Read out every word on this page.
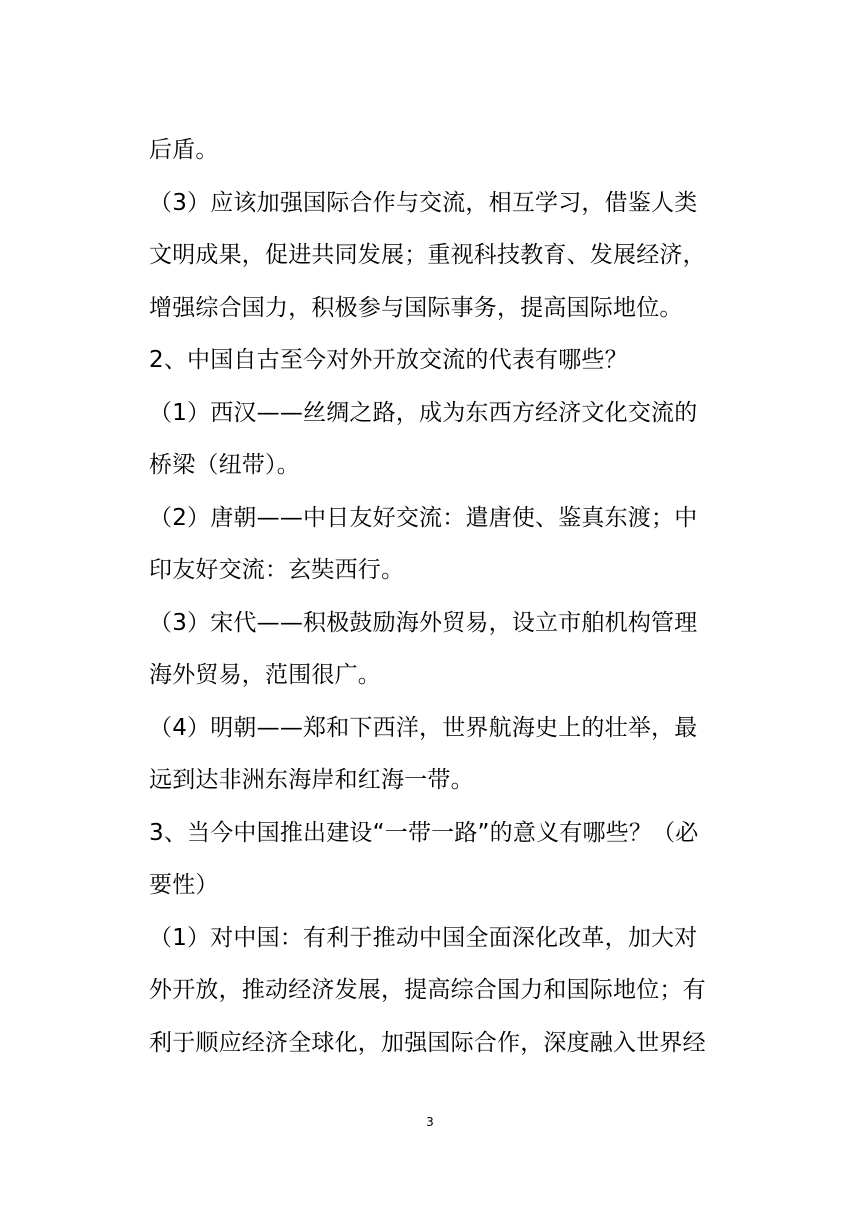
后盾。
（3）应该加强国际合作与交流，相互学习，借鉴人类
文明成果，促进共同发展；重视科技教育、发展经济，
增强综合国力，积极参与国际事务，提高国际地位。
2、中国自古至今对外开放交流的代表有哪些？
（1）西汉——丝绸之路，成为东西方经济文化交流的
桥梁（纽带）。
（2）唐朝——中日友好交流：遣唐使、鉴真东渡；中
印友好交流：玄奘西行。
（3）宋代——积极鼓励海外贸易，设立市舶机构管理
海外贸易，范围很广。
（4）明朝——郑和下西洋，世界航海史上的壮举，最
远到达非洲东海岸和红海一带。
3、当今中国推出建设“一带一路”的意义有哪些？（必
要性）
（1）对中国：有利于推动中国全面深化改革，加大对
外开放，推动经济发展，提高综合国力和国际地位；有
利于顺应经济全球化，加强国际合作，深度融入世界经
3
